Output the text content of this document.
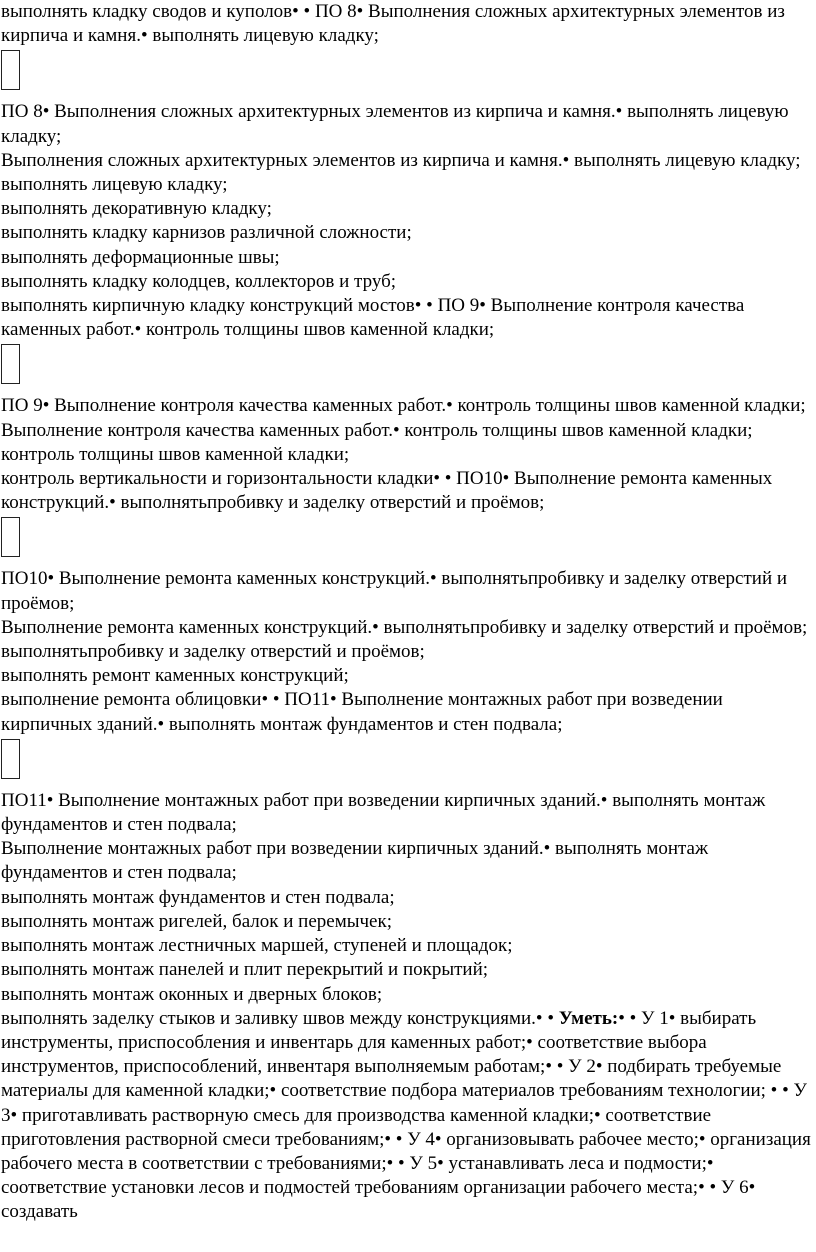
выполнять кладку сводов и куполов• • ПО 8• Выполнения сложных архитектурных элементов из кирпича и камня.• выполнять лицевую кладку;

ПО 8• Выполнения сложных архитектурных элементов из кирпича и камня.• выполнять лицевую кладку;

Выполнения сложных архитектурных элементов из кирпича и камня.• выполнять лицевую кладку;

выполнять лицевую кладку;

выполнять декоративную кладку;

выполнять кладку карнизов различной сложности;

выполнять деформационные швы;

выполнять кладку колодцев, коллекторов и труб;

выполнять кирпичную кладку конструкций мостов• • ПО 9• Выполнение контроля качества каменных работ.• контроль толщины швов каменной кладки;

ПО 9• Выполнение контроля качества каменных работ.• контроль толщины швов каменной кладки;

Выполнение контроля качества каменных работ.• контроль толщины швов каменной кладки;

контроль толщины швов каменной кладки;

контроль вертикальности и горизонтальности кладки• • ПО10• Выполнение ремонта каменных конструкций.• выполнятьпробивку и заделку отверстий и проёмов;

ПО10• Выполнение ремонта каменных конструкций.• выполнятьпробивку и заделку отверстий и проёмов;

Выполнение ремонта каменных конструкций.• выполнятьпробивку и заделку отверстий и проёмов;

выполнятьпробивку и заделку отверстий и проёмов;

выполнять ремонт каменных конструкций;

выполнение ремонта облицовки• • ПО11• Выполнение монтажных работ при возведении кирпичных зданий.• выполнять монтаж фундаментов и стен подвала;

ПО11• Выполнение монтажных работ при возведении кирпичных зданий.• выполнять монтаж фундаментов и стен подвала;

Выполнение монтажных работ при возведении кирпичных зданий.• выполнять монтаж фундаментов и стен подвала;

выполнять монтаж фундаментов и стен подвала;

выполнять монтаж ригелей, балок и перемычек;

выполнять монтаж лестничных маршей, ступеней и площадок;

выполнять монтаж панелей и плит перекрытий и покрытий;

выполнять монтаж оконных и дверных блоков;

выполнять заделку стыков и заливку швов между конструкциями.• • Уметь:• • У 1• выбирать инструменты, приспособления и инвентарь для каменных работ;• соответствие выбора инструментов, приспособлений, инвентаря выполняемым работам;• • У 2• подбирать требуемые материалы для каменной кладки;• соответствие подбора материалов требованиям технологии; • • У 3• приготавливать растворную смесь для производства каменной кладки;• соответствие приготовления растворной смеси требованиям;• • У 4• организовывать рабочее место;• организация рабочего места в соответствии с требованиями;• • У 5• устанавливать леса и подмости;• соответствие установки лесов и подмостей требованиям организации рабочего места;• • У 6• создавать
